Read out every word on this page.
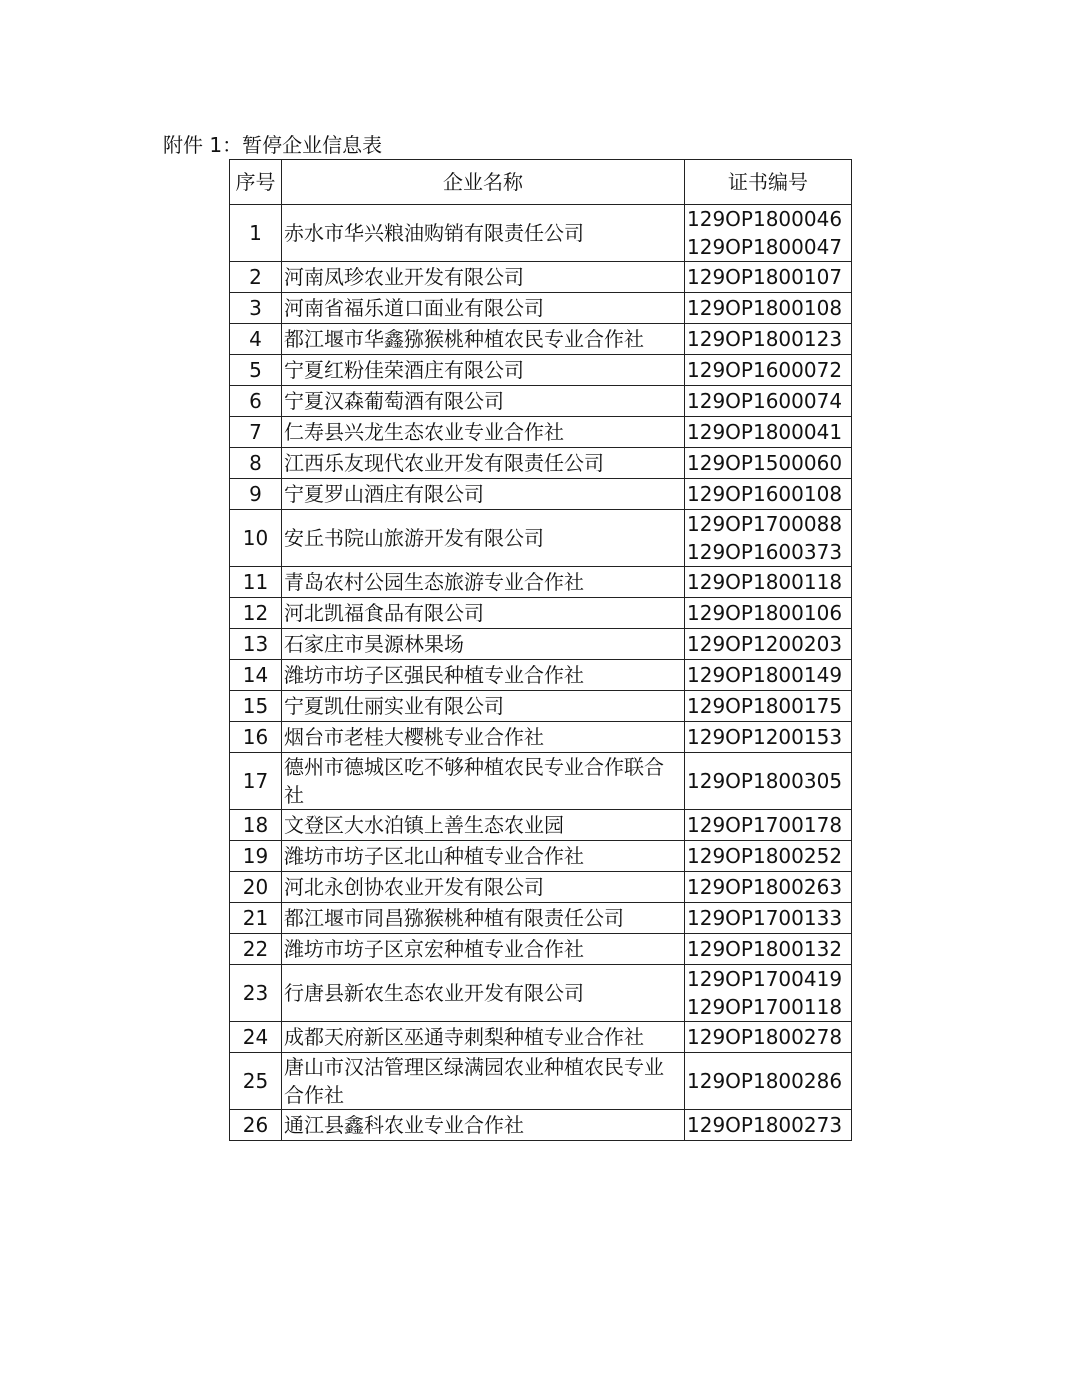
附件 1：暂停企业信息表
序号	企业名称	证书编号
1	赤水市华兴粮油购销有限责任公司	129OP1800046
129OP1800047

2	河南凤珍农业开发有限公司	129OP1800107

3	河南省福乐道口面业有限公司	129OP1800108

4	都江堰市华鑫猕猴桃种植农民专业合作社	129OP1800123

5	宁夏红粉佳荣酒庄有限公司	129OP1600072

6	宁夏汉森葡萄酒有限公司	129OP1600074

7	仁寿县兴龙生态农业专业合作社	129OP1800041

8	江西乐友现代农业开发有限责任公司	129OP1500060

9	宁夏罗山酒庄有限公司	129OP1600108

10	安丘书院山旅游开发有限公司	129OP1700088
129OP1600373

11	青岛农村公园生态旅游专业合作社	129OP1800118

12	河北凯福食品有限公司	129OP1800106

13	石家庄市昊源林果场	129OP1200203

14	潍坊市坊子区强民种植专业合作社	129OP1800149

15	宁夏凯仕丽实业有限公司	129OP1800175

16	烟台市老桂大樱桃专业合作社	129OP1200153

17	德州市德城区吃不够种植农民专业合作联合社	129OP1800305

18	文登区大水泊镇上善生态农业园	129OP1700178

19	潍坊市坊子区北山种植专业合作社	129OP1800252

20	河北永创协农业开发有限公司	129OP1800263

21	都江堰市同昌猕猴桃种植有限责任公司	129OP1700133

22	潍坊市坊子区京宏种植专业合作社	129OP1800132

23	行唐县新农生态农业开发有限公司	129OP1700419
129OP1700118

24	成都天府新区巫通寺刺梨种植专业合作社	129OP1800278

25	唐山市汉沽管理区绿满园农业种植农民专业合作社	129OP1800286

26	通江县鑫科农业专业合作社	129OP1800273
